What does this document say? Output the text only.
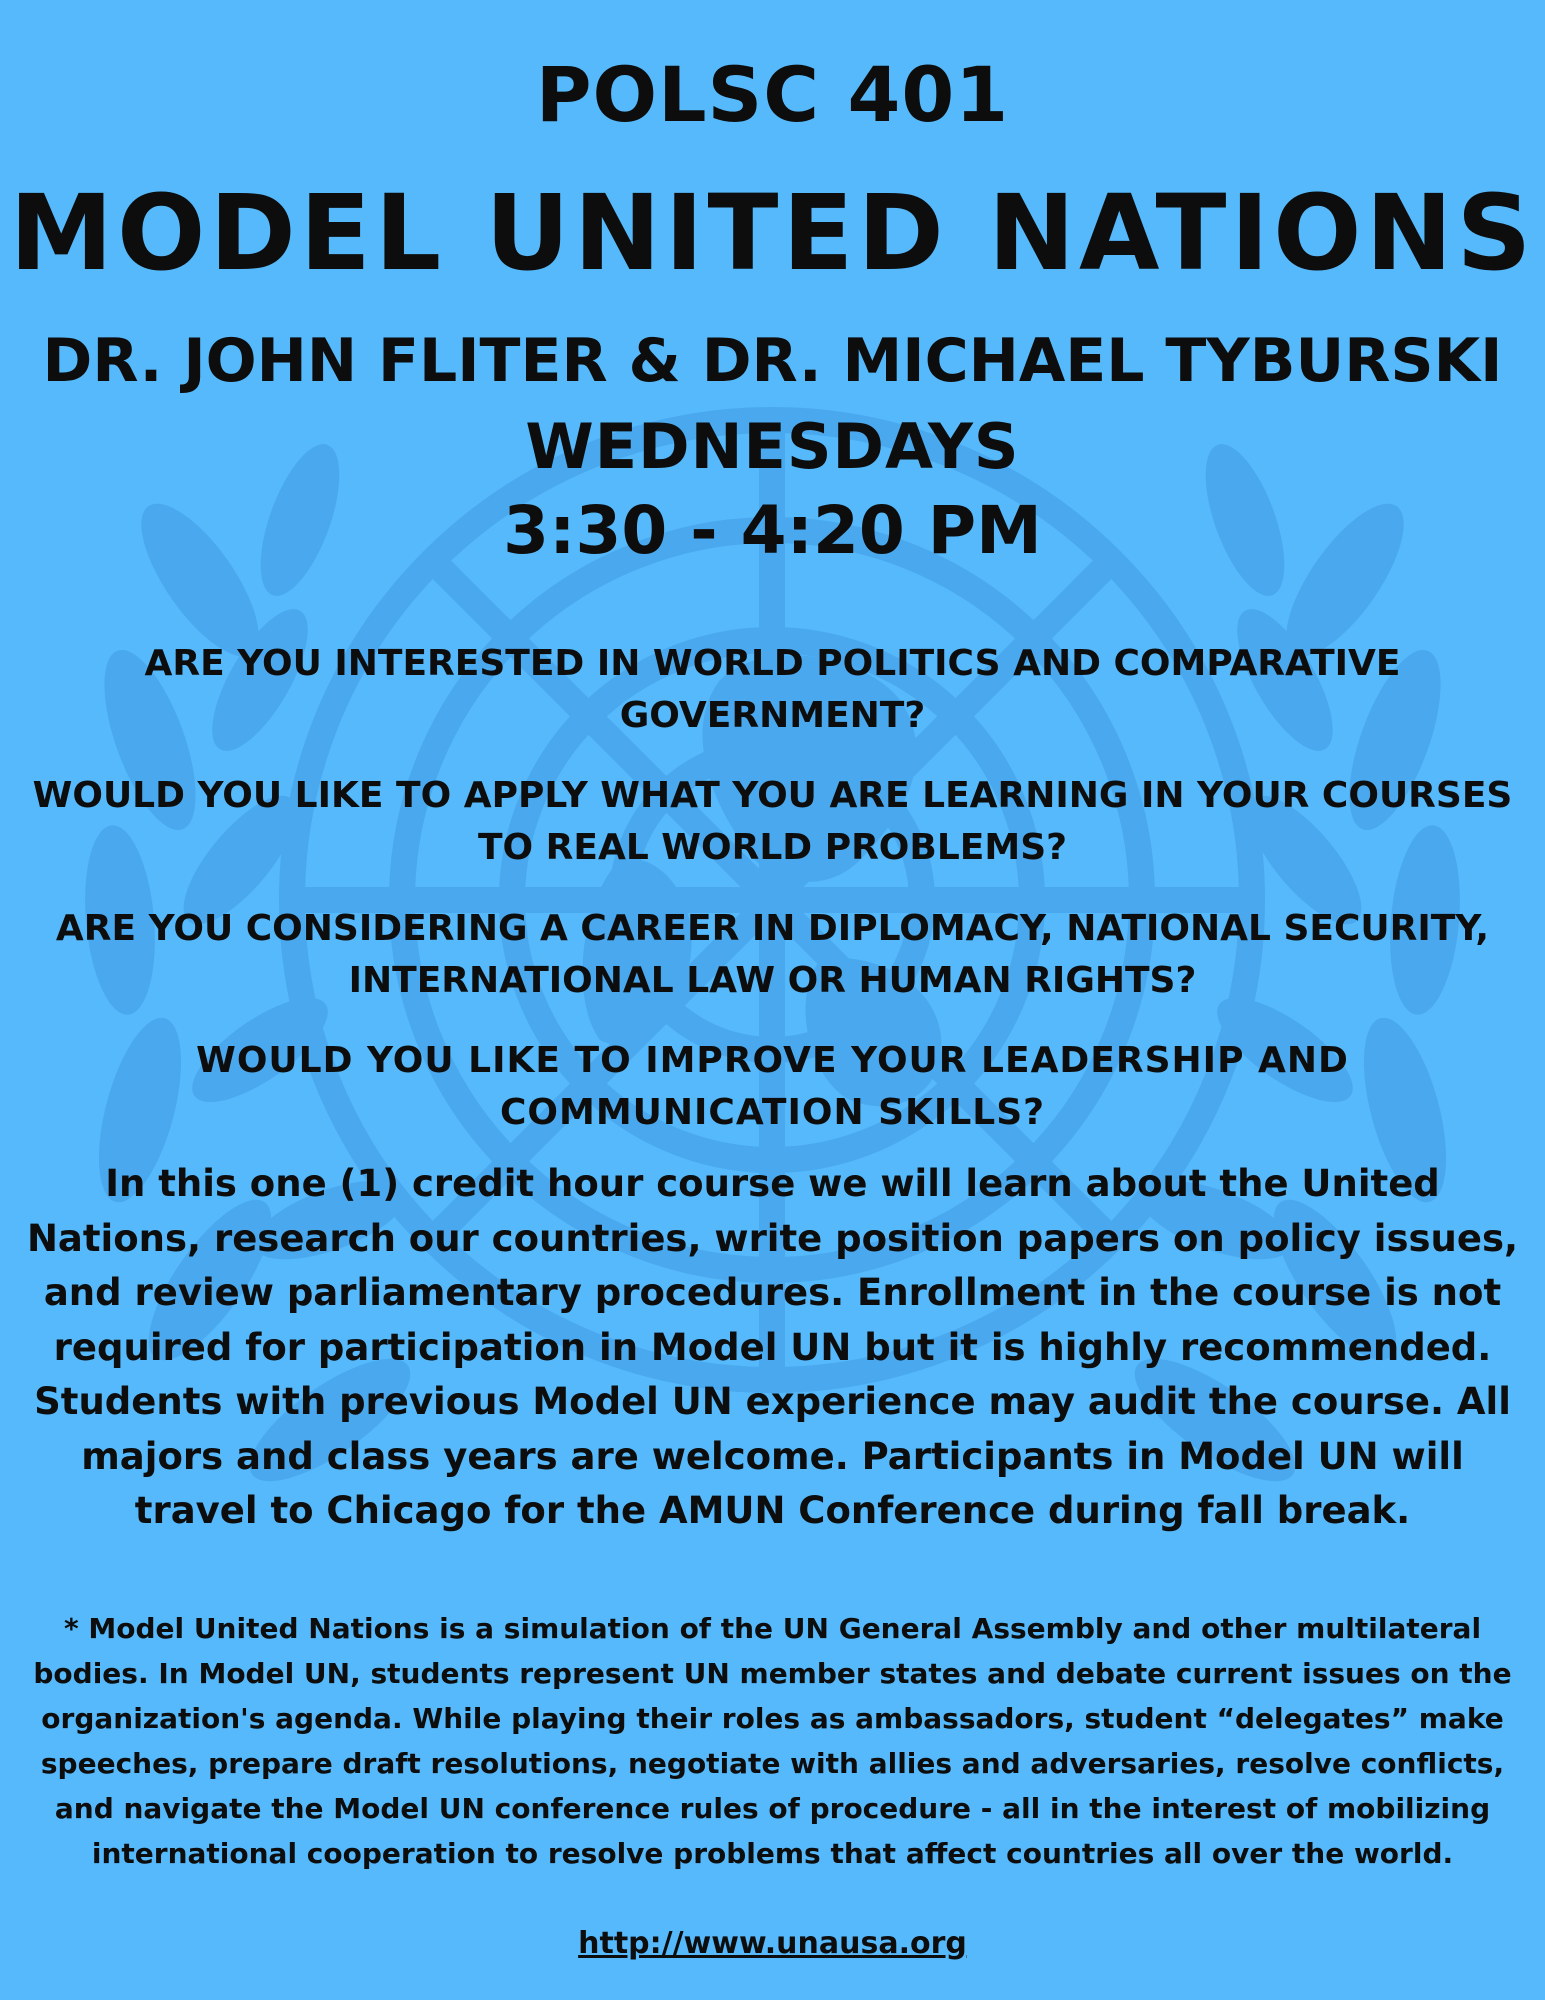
POLSC 401
MODEL UNITED NATIONS
DR. JOHN FLITER & DR. MICHAEL TYBURSKI
WEDNESDAYS
3:30 - 4:20 PM
ARE YOU INTERESTED IN WORLD POLITICS AND COMPARATIVE GOVERNMENT?
WOULD YOU LIKE TO APPLY WHAT YOU ARE LEARNING IN YOUR COURSES TO REAL WORLD PROBLEMS?
ARE YOU CONSIDERING A CAREER IN DIPLOMACY, NATIONAL SECURITY, INTERNATIONAL LAW OR HUMAN RIGHTS?
WOULD YOU LIKE TO IMPROVE YOUR LEADERSHIP AND COMMUNICATION SKILLS?
In this one (1) credit hour course we will learn about the United Nations, research our countries, write position papers on policy issues, and review parliamentary procedures. Enrollment in the course is not required for participation in Model UN but it is highly recommended. Students with previous Model UN experience may audit the course. All majors and class years are welcome. Participants in Model UN will travel to Chicago for the AMUN Conference during fall break.
* Model United Nations is a simulation of the UN General Assembly and other multilateral bodies. In Model UN, students represent UN member states and debate current issues on the organization's agenda. While playing their roles as ambassadors, student “delegates” make speeches, prepare draft resolutions, negotiate with allies and adversaries, resolve conflicts, and navigate the Model UN conference rules of procedure - all in the interest of mobilizing international cooperation to resolve problems that affect countries all over the world.
http://www.unausa.org
